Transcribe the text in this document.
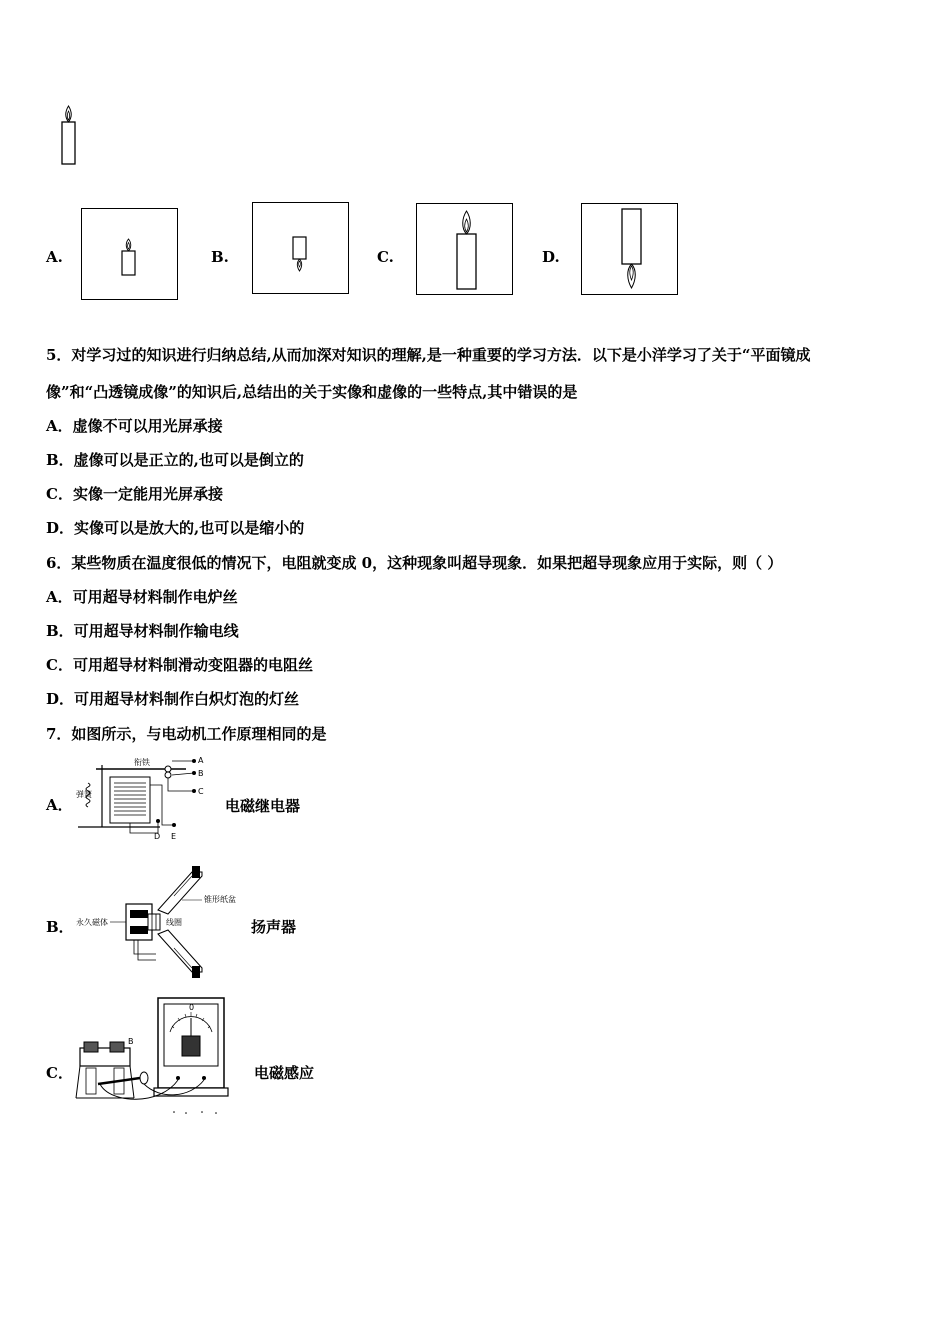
A.	B.	C.	D.
5．对学习过的知识进行归纳总结,从而加深对知识的理解,是一种重要的学习方法．以下是小洋学习了关于“平面镜成
像”和“凸透镜成像”的知识后,总结出的关于实像和虚像的一些特点,其中错误的是
A．虚像不可以用光屏承接
B．虚像可以是正立的,也可以是倒立的
C．实像一定能用光屏承接
D．实像可以是放大的,也可以是缩小的
6．某些物质在温度很低的情况下，电阻就变成 0，这种现象叫超导现象．如果把超导现象应用于实际，则（ ）
A．可用超导材料制作电炉丝
B．可用超导材料制作输电线
C．可用超导材料制滑动变阻器的电阻丝
D．可用超导材料制作白炽灯泡的灯丝
7．如图所示，与电动机工作原理相同的是
A．
弹簧
衔铁	A
B
C
D E
电磁继电器
B． 永久磁体	线圈
锥形纸盆
扬声器
C．
0
B
电磁感应
